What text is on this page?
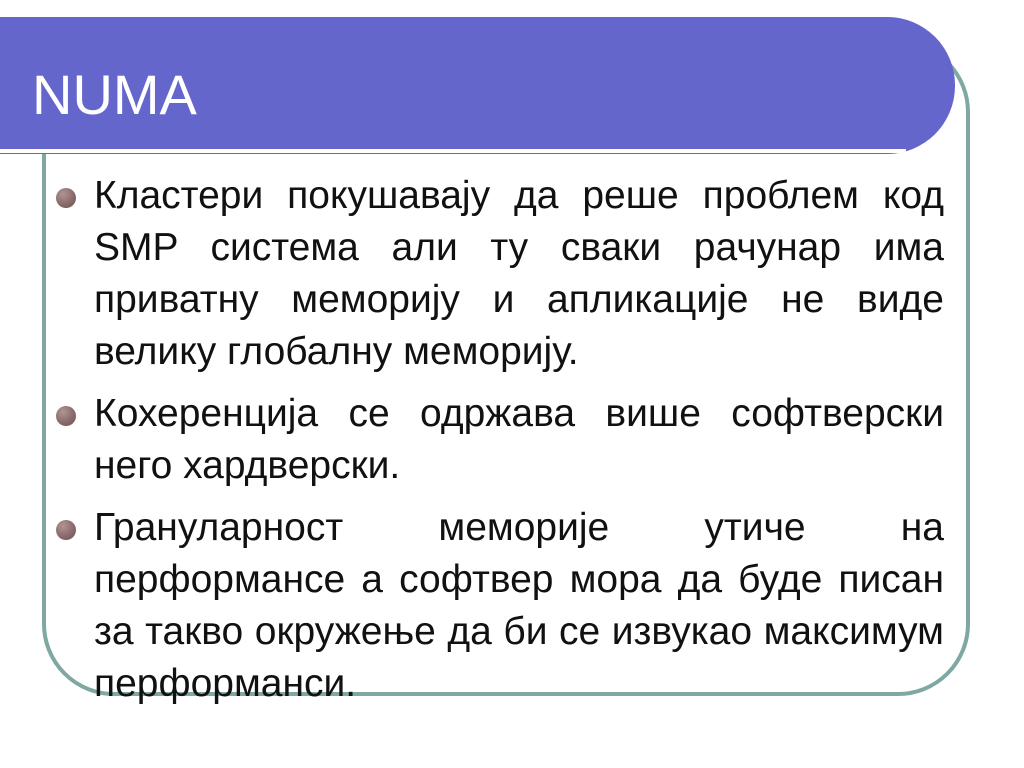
NUMA
Кластери покушавају да реше проблем код SMP система али ту сваки рачунар има приватну меморију и апликације не виде велику глобалну меморију.
Кохеренција се одржава више софтверски него хардверски.
Грануларност меморије утиче на перформансе а софтвер мора да буде писан за такво окружење да би се извукао максимум перформанси.
